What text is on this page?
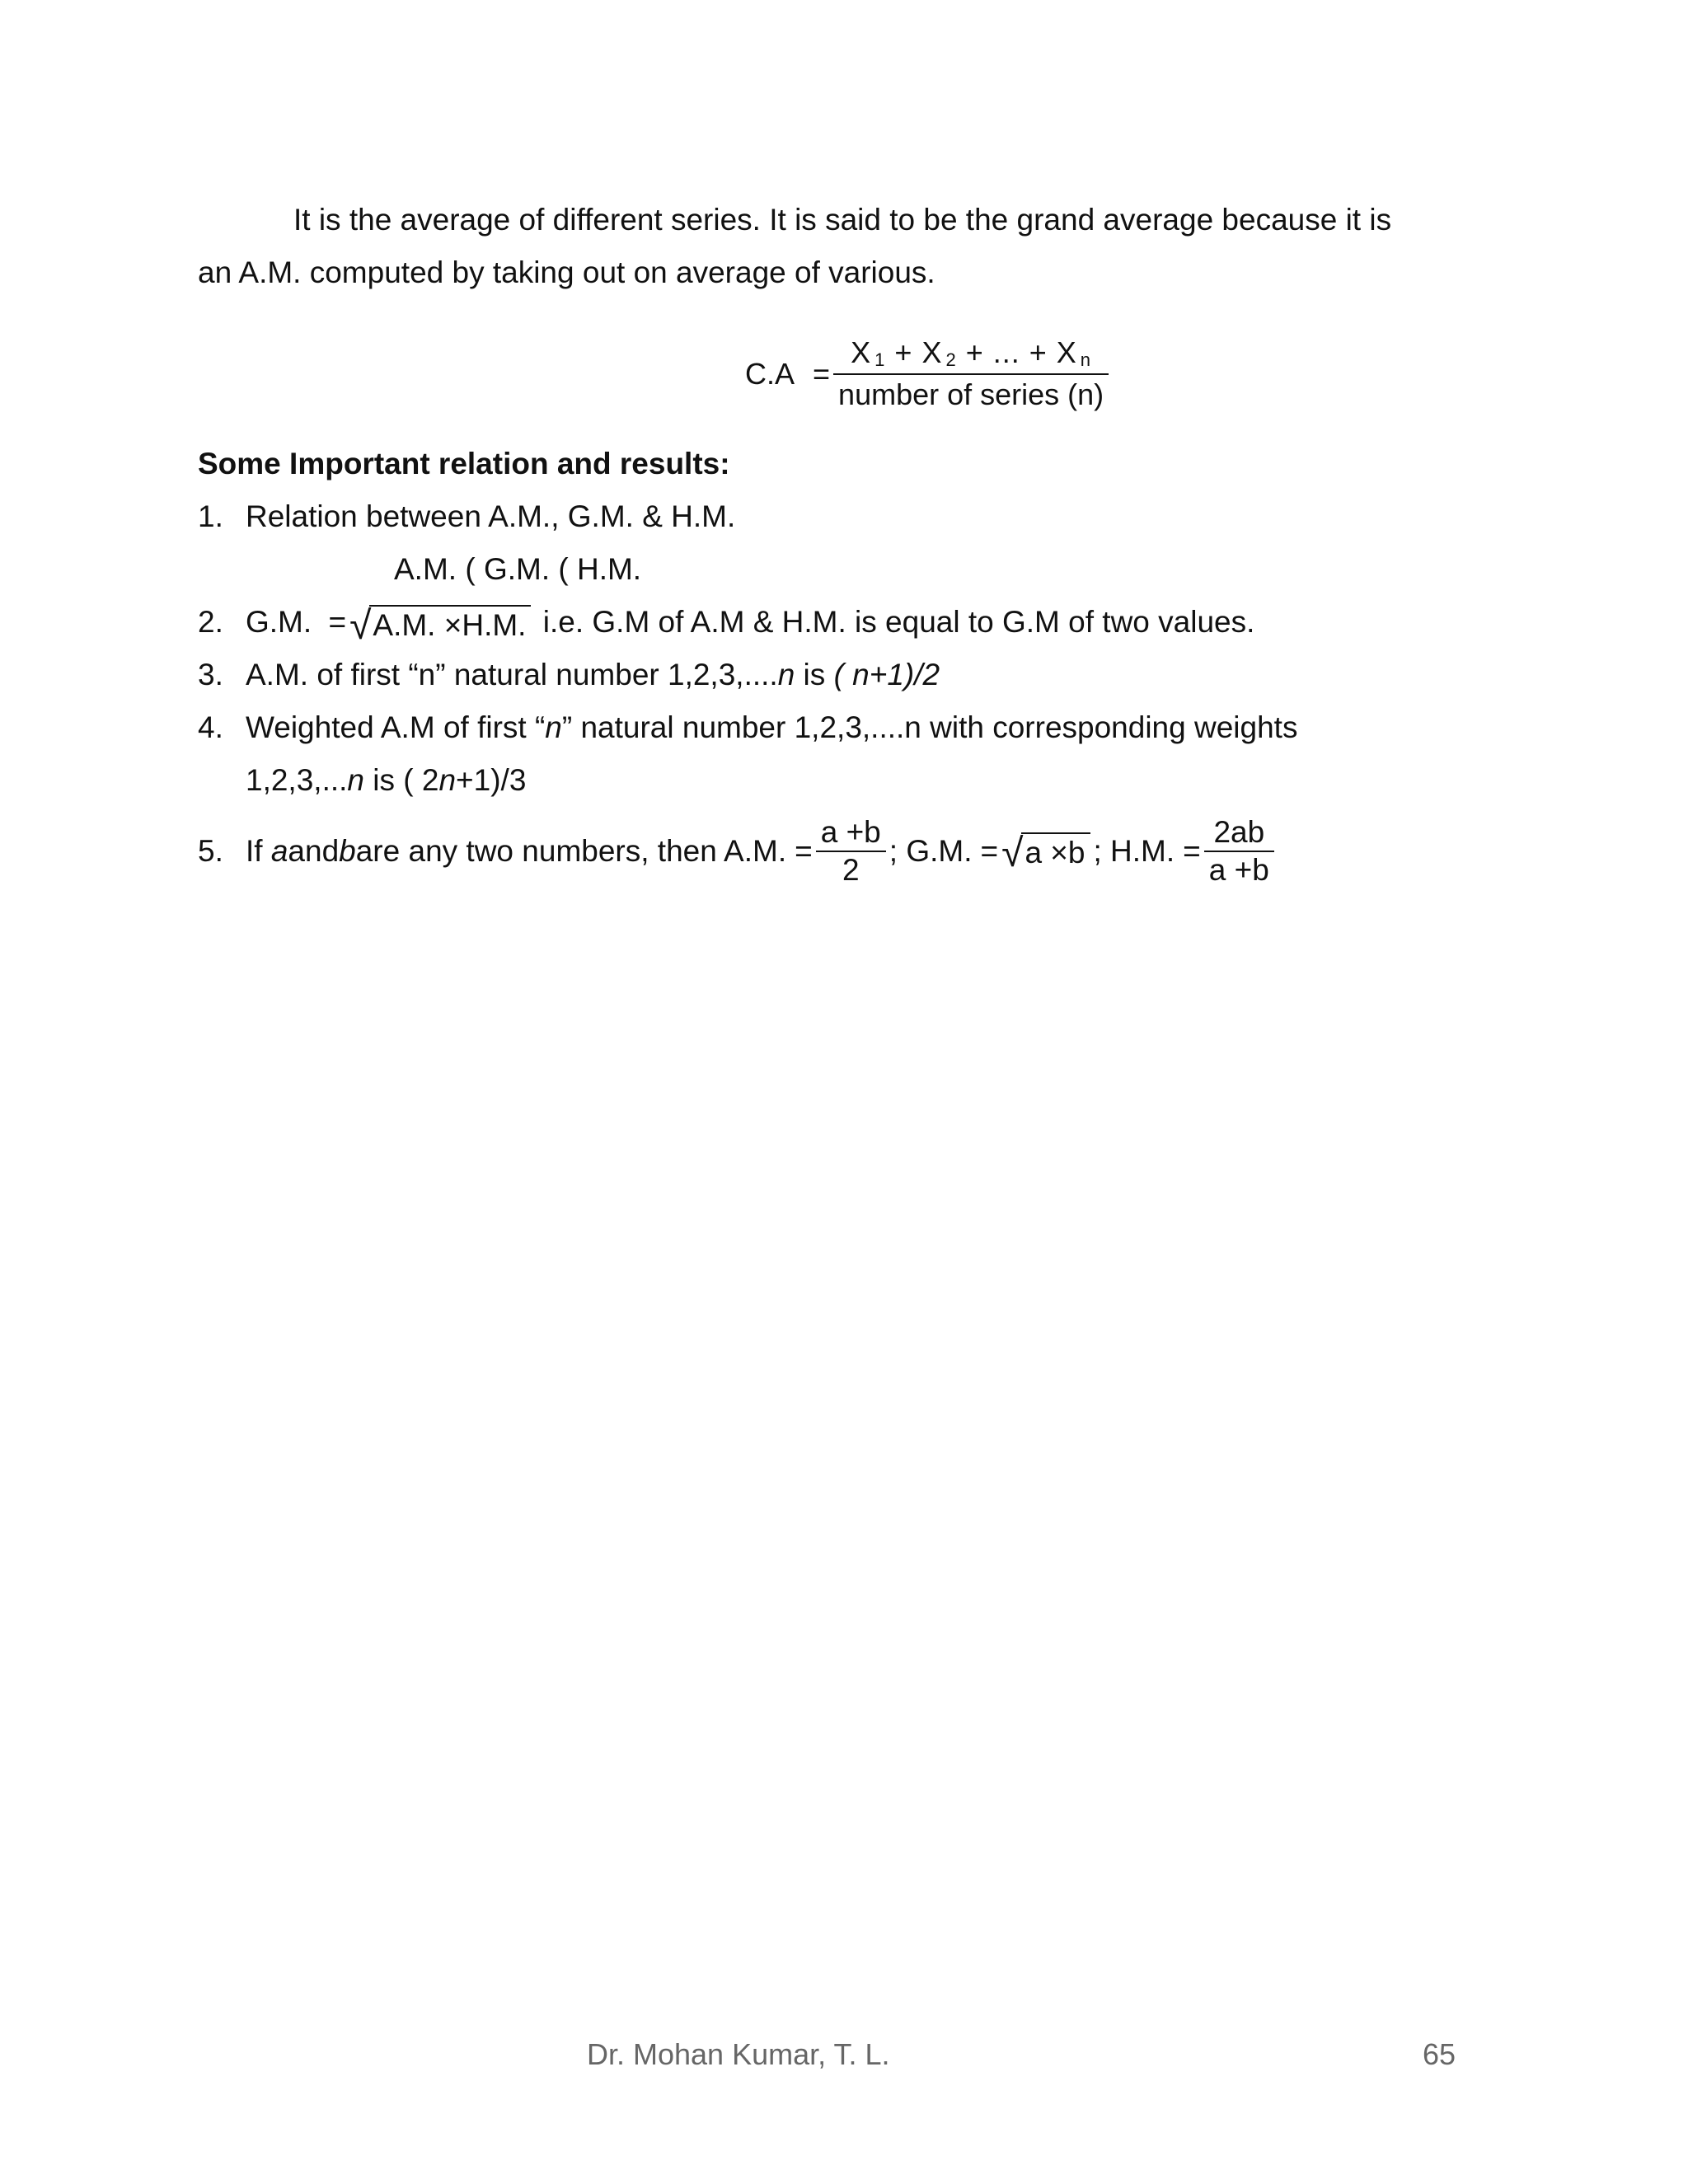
It is the average of different series. It is said to be the grand average because it is
an A.M. computed by taking out on average of various.
$C.A = \frac{\text{X 1 + X 2 + ... + X n}}{\text{number of series (n)}}$
Some Important relation and results:
1. Relation between A.M., G.M. & H.M.
A.M. ( G.M. ( H.M.
2. G.M. = √ A.M. ×H.M. i.e. G.M of A.M & H.M. is equal to G.M of two values.
3. A.M. of first “n” natural number 1,2,3,....n is ( n+1)/2
4. Weighted A.M of first “n” natural number 1,2,3,....n with corresponding weights
1,2,3,...n is ( 2n+1)/3
5. If
a and b are any two numbers, then A.M. = $\frac{a +b}{2}$ ; G.M. = √ a ×b ; H.M. = $\frac{2ab}{a +b}$
Dr. Mohan Kumar, T. L.	65
